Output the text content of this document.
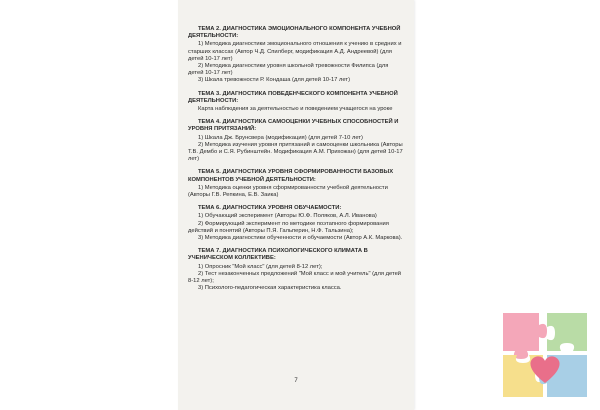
ТЕМА 2. ДИАГНОСТИКА ЭМОЦИОНАЛЬНОГО КОМПОНЕНТА УЧЕБНОЙ ДЕЯТЕЛЬНОСТИ:
1) Методика диагностики эмоционального отношения к учению в средних и старших классах (Автор Ч.Д. Спилберг, модификация А.Д. Андреевой) (для детей 10-17 лет)
2) Методика диагностики уровня школьной тревожности Филипса (для детей 10-17 лет)
3) Шкала тревожности Р. Кондаша (для детей 10-17 лет)
ТЕМА 3. ДИАГНОСТИКА ПОВЕДЕНЧЕСКОГО КОМПОНЕНТА УЧЕБНОЙ ДЕЯТЕЛЬНОСТИ:
Карта наблюдения за деятельностью и поведением учащегося на уроке
ТЕМА 4. ДИАГНОСТИКА САМООЦЕНКИ УЧЕБНЫХ СПОСОБНОСТЕЙ И УРОВНЯ ПРИТЯЗАНИЙ:
1) Шкала Дж. Брунсвера (модификация) (для детей 7-10 лет)
2) Методика изучения уровня притязаний и самооценки школьника (Авторы Т.В. Дембо и С.Я. Рубинштейн. Модификация А.М. Прихожан) (для детей 10-17 лет)
ТЕМА 5. ДИАГНОСТИКА УРОВНЯ СФОРМИРОВАННОСТИ БАЗОВЫХ КОМПОНЕНТОВ УЧЕБНОЙ ДЕЯТЕЛЬНОСТИ:
1) Методика оценки уровня сформированности учебной деятельности (Авторы Г.В. Репкина, Е.В. Заика)
ТЕМА 6. ДИАГНОСТИКА УРОВНЯ ОБУЧАЕМОСТИ:
1) Обучающий эксперимент (Авторы Ю.Ф. Поляков, А.Л. Иванова)
2) Формирующий эксперимент по методике поэтапного формирования действий и понятий (Авторы П.Я. Гальперин, Н.Ф. Тальзина);
3) Методика диагностики обученности и обучаемости (Автор А.К. Маркова).
ТЕМА 7. ДИАГНОСТИКА ПСИХОЛОГИЧЕСКОГО КЛИМАТА В УЧЕНИЧЕСКОМ КОЛЛЕКТИВЕ:
1) Опросник "Мой класс" (для детей 8-12 лет);
2) Тест незаконченных предложений "Мой класс и мой учитель" (для детей 8-12 лет);
3) Психолого-педагогическая характеристика класса.
7
